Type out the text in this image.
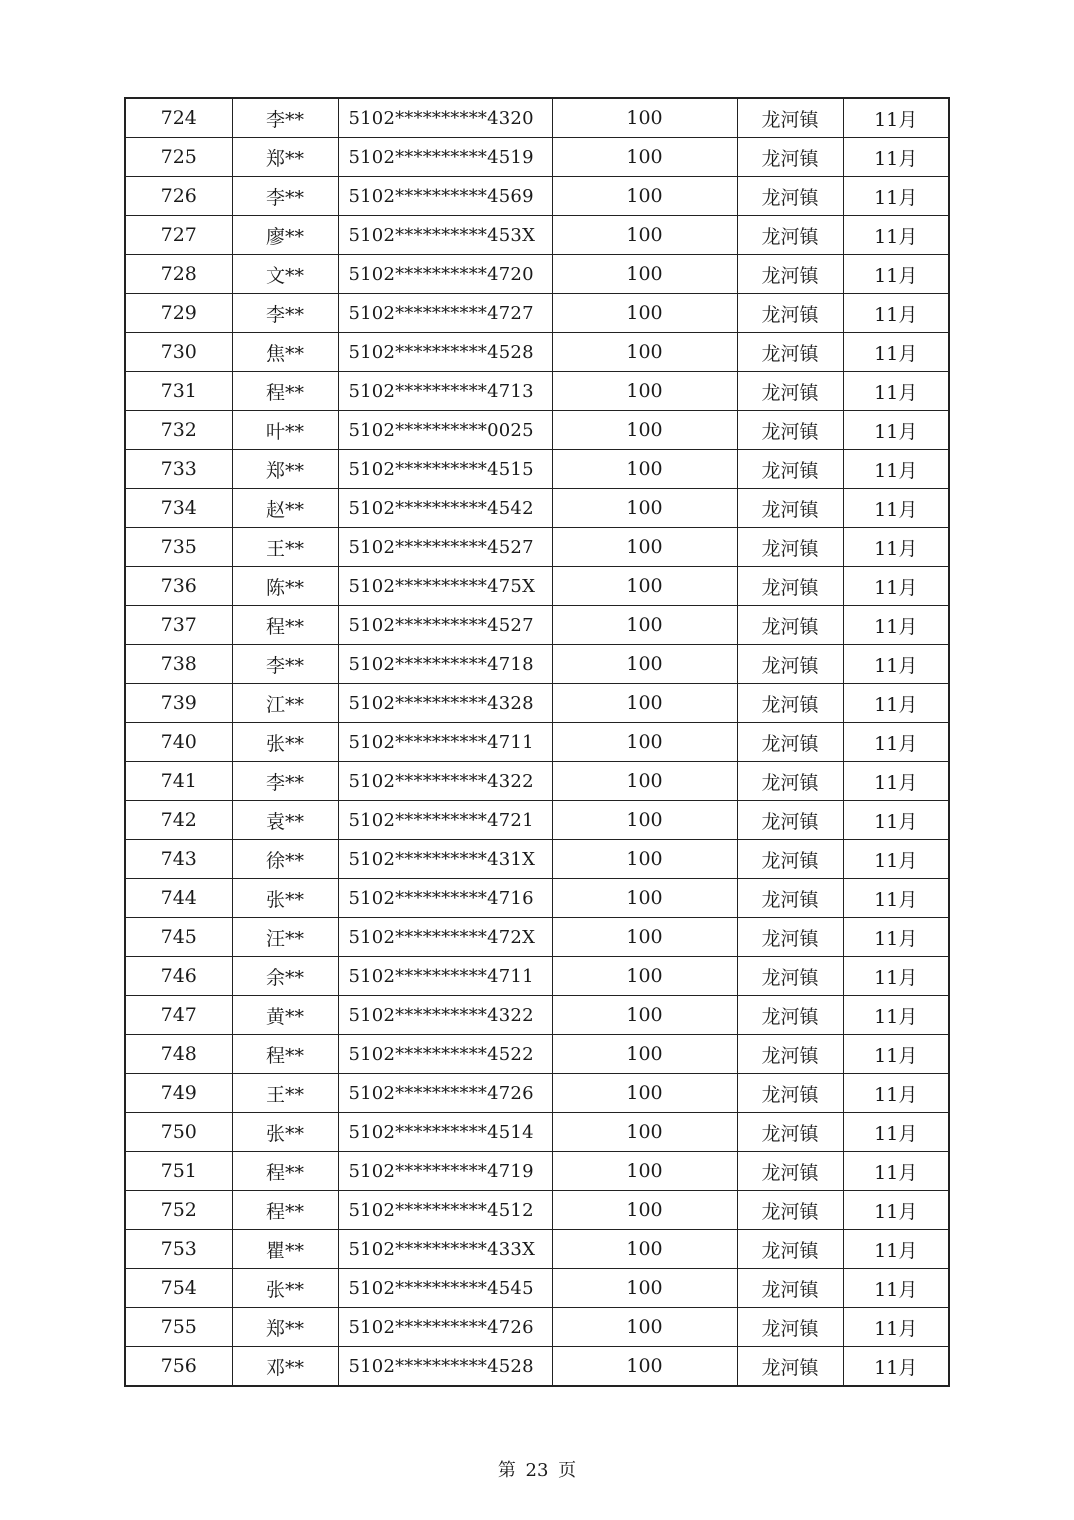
724	李**	5102**********4320	100	龙河镇	11月
725	郑**	5102**********4519	100	龙河镇	11月
726	李**	5102**********4569	100	龙河镇	11月
727	廖**	5102**********453X	100	龙河镇	11月
728	文**	5102**********4720	100	龙河镇	11月
729	李**	5102**********4727	100	龙河镇	11月
730	焦**	5102**********4528	100	龙河镇	11月
731	程**	5102**********4713	100	龙河镇	11月
732	叶**	5102**********0025	100	龙河镇	11月
733	郑**	5102**********4515	100	龙河镇	11月
734	赵**	5102**********4542	100	龙河镇	11月
735	王**	5102**********4527	100	龙河镇	11月
736	陈**	5102**********475X	100	龙河镇	11月
737	程**	5102**********4527	100	龙河镇	11月
738	李**	5102**********4718	100	龙河镇	11月
739	江**	5102**********4328	100	龙河镇	11月
740	张**	5102**********4711	100	龙河镇	11月
741	李**	5102**********4322	100	龙河镇	11月
742	袁**	5102**********4721	100	龙河镇	11月
743	徐**	5102**********431X	100	龙河镇	11月
744	张**	5102**********4716	100	龙河镇	11月
745	汪**	5102**********472X	100	龙河镇	11月
746	余**	5102**********4711	100	龙河镇	11月
747	黄**	5102**********4322	100	龙河镇	11月
748	程**	5102**********4522	100	龙河镇	11月
749	王**	5102**********4726	100	龙河镇	11月
750	张**	5102**********4514	100	龙河镇	11月
751	程**	5102**********4719	100	龙河镇	11月
752	程**	5102**********4512	100	龙河镇	11月
753	瞿**	5102**********433X	100	龙河镇	11月
754	张**	5102**********4545	100	龙河镇	11月
755	郑**	5102**********4726	100	龙河镇	11月
756	邓**	5102**********4528	100	龙河镇	11月
第 23 页
